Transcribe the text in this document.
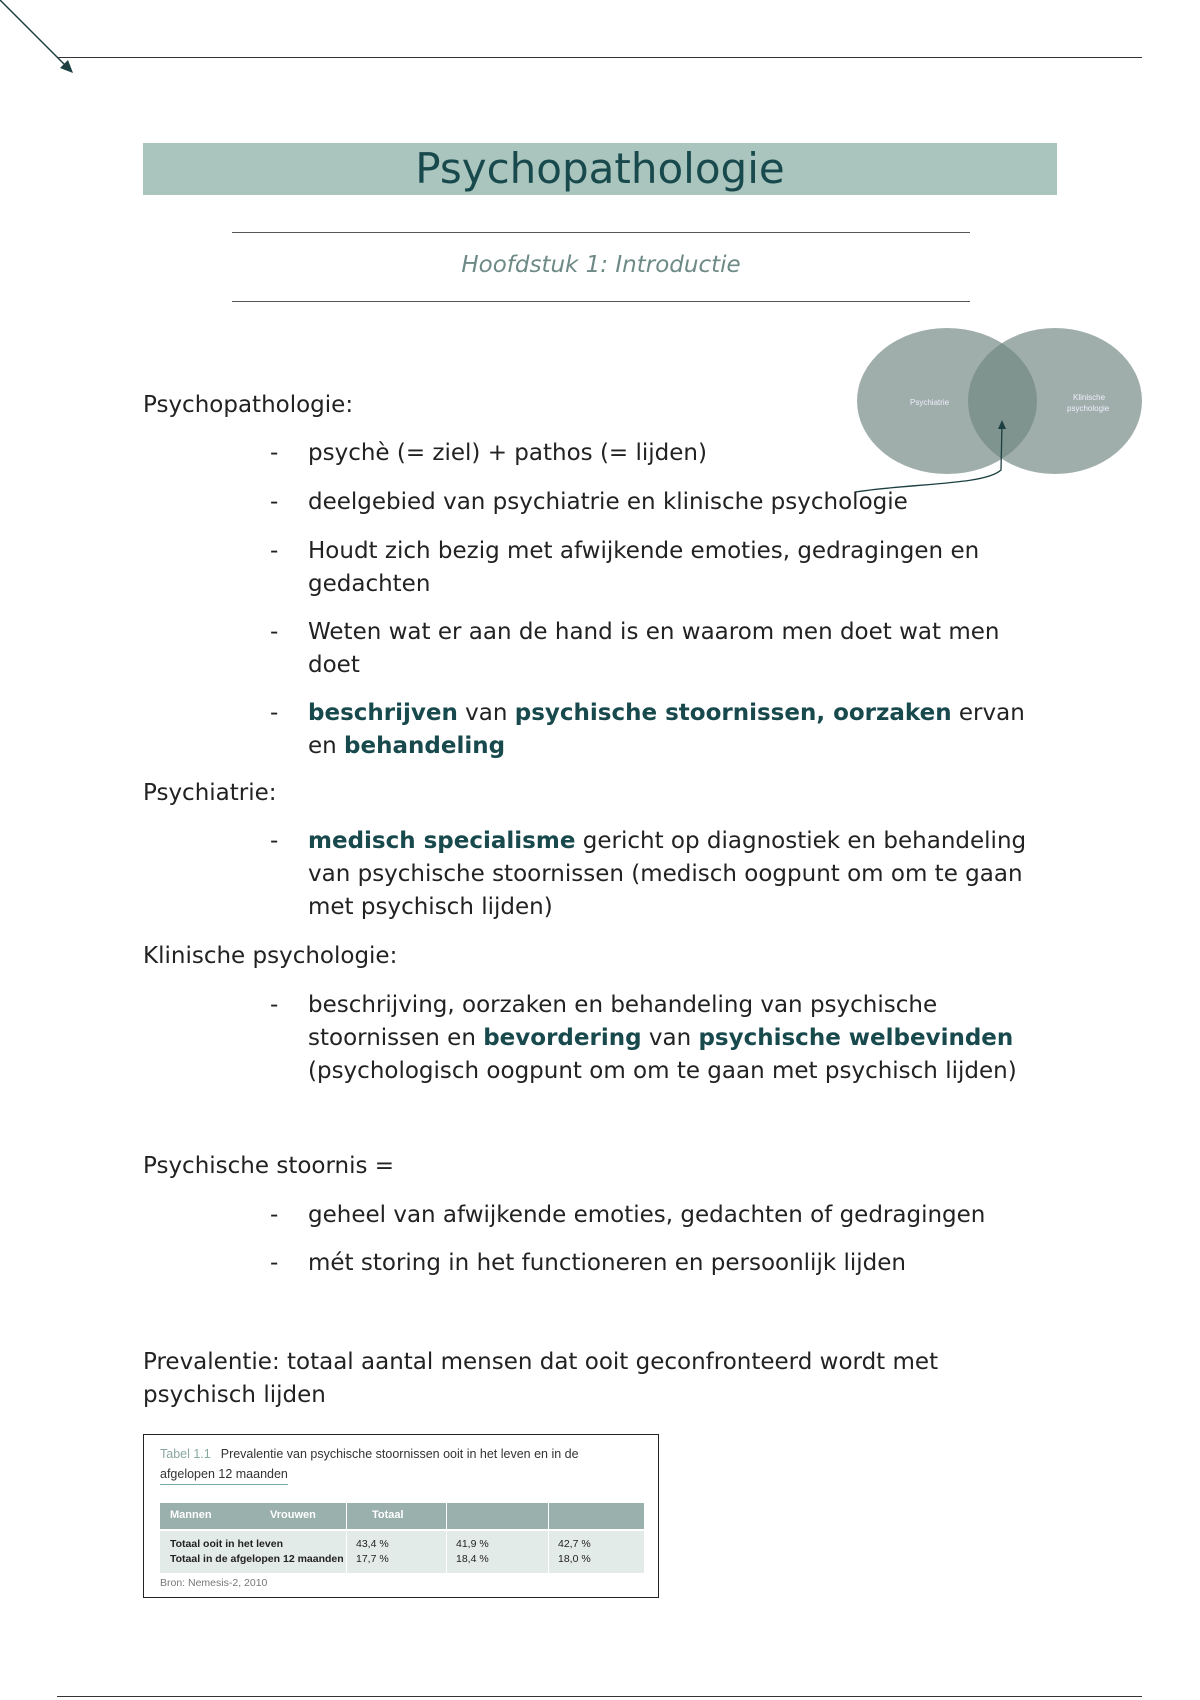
Psychopathologie
Hoofdstuk 1: Introductie
Psychiatrie
Klinische
psychologie
Psychopathologie:
- psychè (= ziel) + pathos (= lijden)
- deelgebied van psychiatrie en klinische psychologie
- Houdt zich bezig met afwijkende emoties, gedragingen en gedachten
- Weten wat er aan de hand is en waarom men doet wat men doet
- beschrijven van psychische stoornissen, oorzaken ervan en behandeling
Psychiatrie:
- medisch specialisme gericht op diagnostiek en behandeling van psychische stoornissen (medisch oogpunt om om te gaan met psychisch lijden)
Klinische psychologie:
- beschrijving, oorzaken en behandeling van psychische stoornissen en bevordering van psychische welbevinden (psychologisch oogpunt om om te gaan met psychisch lijden)
Psychische stoornis =
- geheel van afwijkende emoties, gedachten of gedragingen
- mét storing in het functioneren en persoonlijk lijden
Prevalentie: totaal aantal mensen dat ooit geconfronteerd wordt met psychisch lijden
Tabel 1.1 Prevalentie van psychische stoornissen ooit in het leven en in de
afgelopen 12 maanden
Mannen	Vrouwen	Totaal
Totaal ooit in het leven
Totaal in de afgelopen 12 maanden
43,4 %
17,7 %
41,9 %
18,4 %
42,7 %
18,0 %
Bron: Nemesis-2, 2010
